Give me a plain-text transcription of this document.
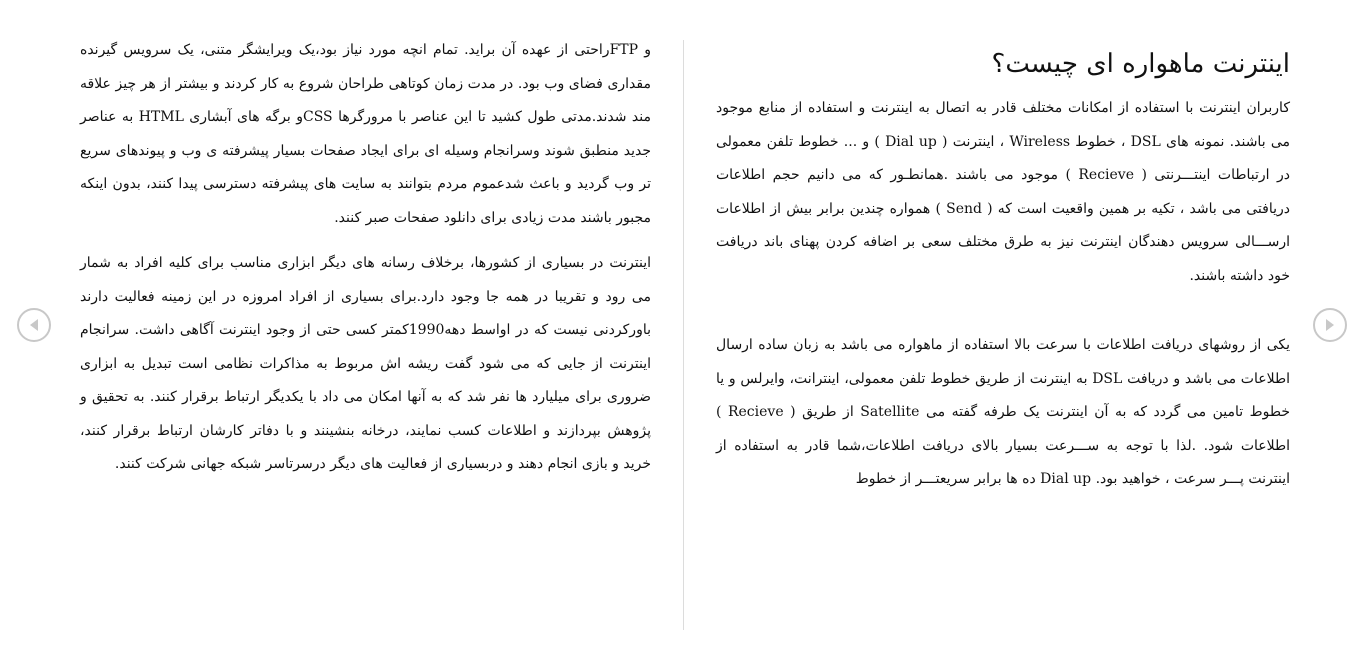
و FTPراحتی از عهده آن براید. تمام انچه مورد نیاز بود،یک ویرایشگر متنی، یک سرویس گیرنده مقداری فضای وب بود. در مدت زمان کوتاهی طراحان شروع به کار کردند و بیشتر از هر چیز علاقه مند شدند.مدتی طول کشید تا این عناصر با مرورگرها CSSو برگه های آبشاری HTML به عناصر جدید منطبق شوند وسرانجام وسیله ای برای ایجاد صفحات بسیار پیشرفته ی وب و پیوندهای سریع تر وب گردید و باعث شدعموم مردم بتوانند به سایت های پیشرفته دسترسی پیدا کنند، بدون اینکه مجبور باشند مدت زیادی برای دانلود صفحات صبر کنند.

اینترنت در بسیاری از کشورها، برخلاف رسانه های دیگر ابزاری مناسب برای کلیه افراد به شمار می رود و تقریبا در همه جا وجود دارد.برای بسیاری از افراد امروزه در این زمینه فعالیت دارند باورکردنی نیست که در اواسط دهه1990کمتر کسی حتی از وجود اینترنت آگاهی داشت. سرانجام اینترنت از جایی که می شود گفت ریشه اش مربوط به مذاکرات نظامی است تبدیل به ابزاری ضروری برای میلیارد ها نفر شد که به آنها امکان می داد با یکدیگر ارتباط برقرار کنند. به تحقیق و پژوهش بپردازند و اطلاعات کسب نمایند، درخانه بنشینند و با دفاتر کارشان ارتباط برقرار کنند، خرید و بازی انجام دهند و دربسیاری از فعالیت های دیگر درسرتاسر شبکه جهانی شرکت کنند.

اینترنت ماهواره ای چیست؟

کاربران اینترنت با استفاده از امکانات مختلف قادر به اتصال به اینترنت و استفاده از منابع موجود می باشند. نمونه های DSL ، خطوط Wireless ، اینترنت ( Dial up ) و ... خطوط تلفن معمولی در ارتباطات اینتـــرنتی ( Recieve ) موجود می باشند .همانطـور که می دانیم حجم اطلاعات دریافتی می باشد ، تکیه بر همین واقعیت است که ( Send ) همواره چندین برابر بیش از اطلاعات ارســـالی سرویس دهندگان اینترنت نیز به طرق مختلف سعی بر اضافه کردن پهنای باند دریافت خود داشته باشند.

یکی از روشهای دریافت اطلاعات با سرعت بالا استفاده از ماهواره می باشد به زبان ساده ارسال اطلاعات می باشد و دریافت DSL به اینترنت از طریق خطوط تلفن معمولی، اینترانت، وایرلس و یا خطوط تامین می گردد که به آن اینترنت یک طرفه گفته می Satellite از طریق ( Recieve ) اطلاعات شود. .لذا با توجه به ســـرعت بسیار بالای دریافت اطلاعات،شما قادر به استفاده از اینترنت پـــر سرعت ، خواهید بود. Dial up ده ها برابر سریعتـــر از خطوط
